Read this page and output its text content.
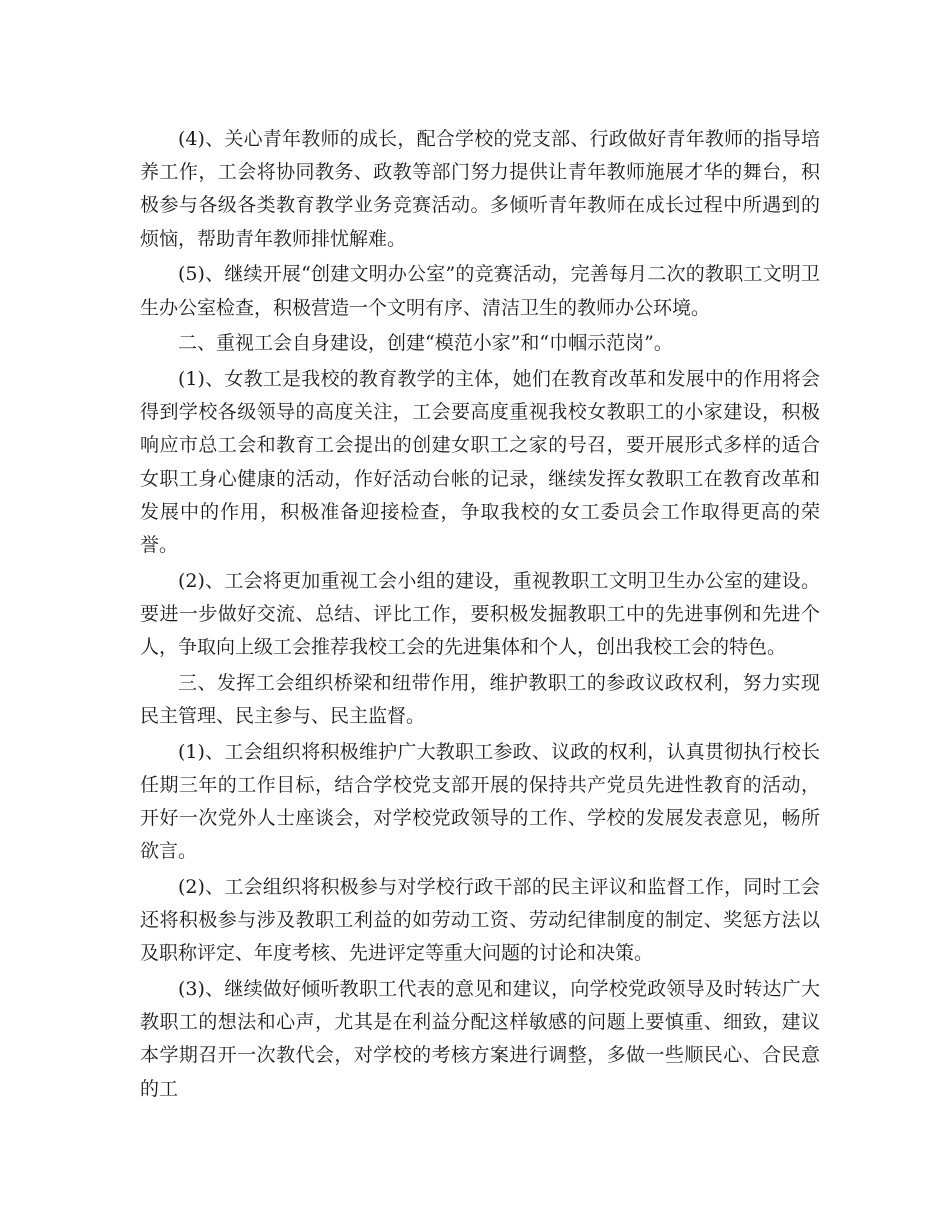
(4)、关心青年教师的成长，配合学校的党支部、行政做好青年教师的指导培养工作，工会将协同教务、政教等部门努力提供让青年教师施展才华的舞台，积极参与各级各类教育教学业务竞赛活动。多倾听青年教师在成长过程中所遇到的烦恼，帮助青年教师排忧解难。

(5)、继续开展“创建文明办公室”的竞赛活动，完善每月二次的教职工文明卫生办公室检查，积极营造一个文明有序、清洁卫生的教师办公环境。

二、重视工会自身建设，创建“模范小家”和“巾帼示范岗”。

(1)、女教工是我校的教育教学的主体，她们在教育改革和发展中的作用将会得到学校各级领导的高度关注，工会要高度重视我校女教职工的小家建设，积极响应市总工会和教育工会提出的创建女职工之家的号召，要开展形式多样的适合女职工身心健康的活动，作好活动台帐的记录，继续发挥女教职工在教育改革和发展中的作用，积极准备迎接检查，争取我校的女工委员会工作取得更高的荣誉。

(2)、工会将更加重视工会小组的建设，重视教职工文明卫生办公室的建设。要进一步做好交流、总结、评比工作，要积极发掘教职工中的先进事例和先进个人，争取向上级工会推荐我校工会的先进集体和个人，创出我校工会的特色。

三、发挥工会组织桥梁和纽带作用，维护教职工的参政议政权利，努力实现民主管理、民主参与、民主监督。

(1)、工会组织将积极维护广大教职工参政、议政的权利，认真贯彻执行校长任期三年的工作目标，结合学校党支部开展的保持共产党员先进性教育的活动，开好一次党外人士座谈会，对学校党政领导的工作、学校的发展发表意见，畅所欲言。

(2)、工会组织将积极参与对学校行政干部的民主评议和监督工作，同时工会还将积极参与涉及教职工利益的如劳动工资、劳动纪律制度的制定、奖惩方法以及职称评定、年度考核、先进评定等重大问题的讨论和决策。

(3)、继续做好倾听教职工代表的意见和建议，向学校党政领导及时转达广大教职工的想法和心声，尤其是在利益分配这样敏感的问题上要慎重、细致，建议本学期召开一次教代会，对学校的考核方案进行调整，多做一些顺民心、合民意的工
